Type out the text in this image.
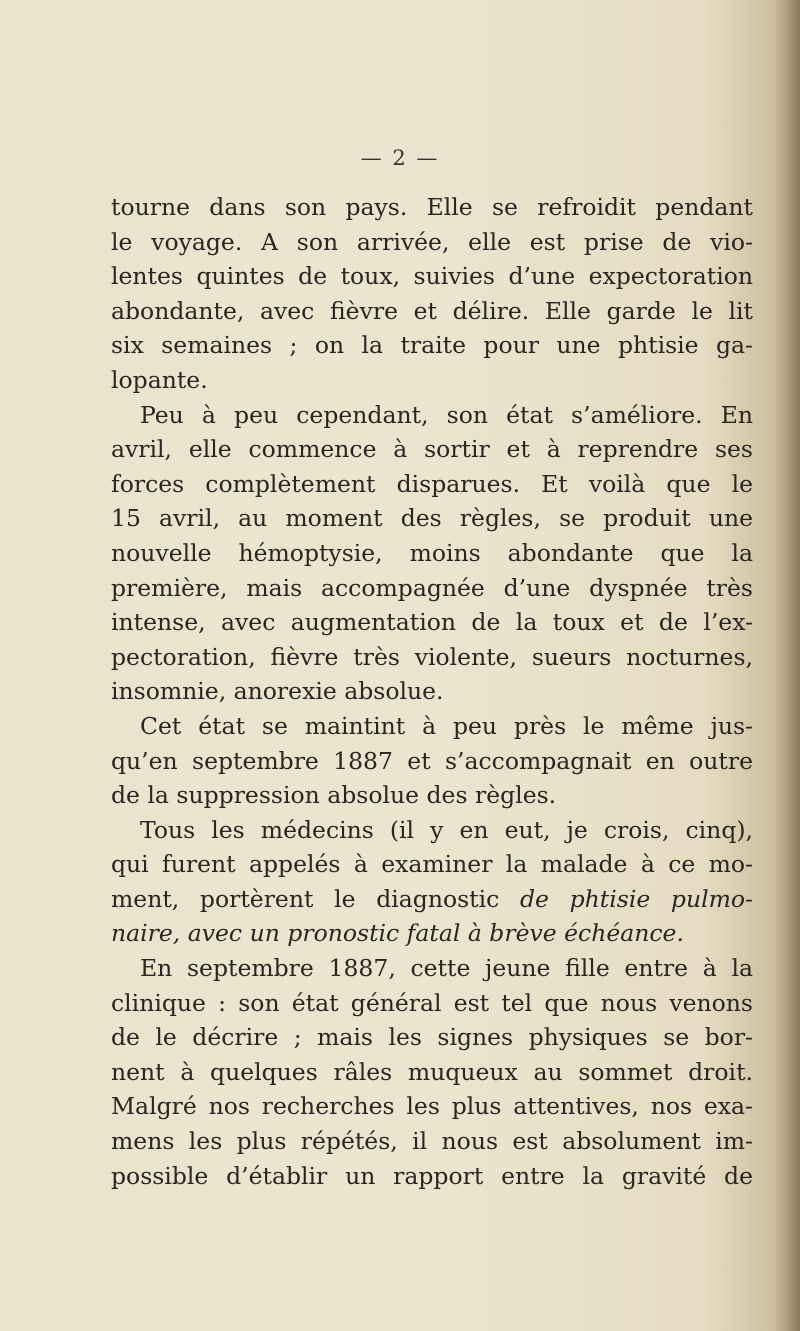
— 2 —
tourne dans son pays. Elle se refroidit pendant
le voyage. A son arrivée, elle est prise de vio-
lentes quintes de toux, suivies d’une expectoration
abondante, avec fièvre et délire. Elle garde le lit
six semaines ; on la traite pour une phtisie ga-
lopante.
Peu à peu cependant, son état s’améliore. En
avril, elle commence à sortir et à reprendre ses
forces complètement disparues. Et voilà que le
15 avril, au moment des règles, se produit une
nouvelle hémoptysie, moins abondante que la
première, mais accompagnée d’une dyspnée très
intense, avec augmentation de la toux et de l’ex-
pectoration, fièvre très violente, sueurs nocturnes,
insomnie, anorexie absolue.
Cet état se maintint à peu près le même jus-
qu’en septembre 1887 et s’accompagnait en outre
de la suppression absolue des règles.
Tous les médecins (il y en eut, je crois, cinq),
qui furent appelés à examiner la malade à ce mo-
ment, portèrent le diagnostic de phtisie pulmo-
naire, avec un pronostic fatal à brève échéance.
En septembre 1887, cette jeune fille entre à la
clinique : son état général est tel que nous venons
de le décrire ; mais les signes physiques se bor-
nent à quelques râles muqueux au sommet droit.
Malgré nos recherches les plus attentives, nos exa-
mens les plus répétés, il nous est absolument im-
possible d’établir un rapport entre la gravité de
